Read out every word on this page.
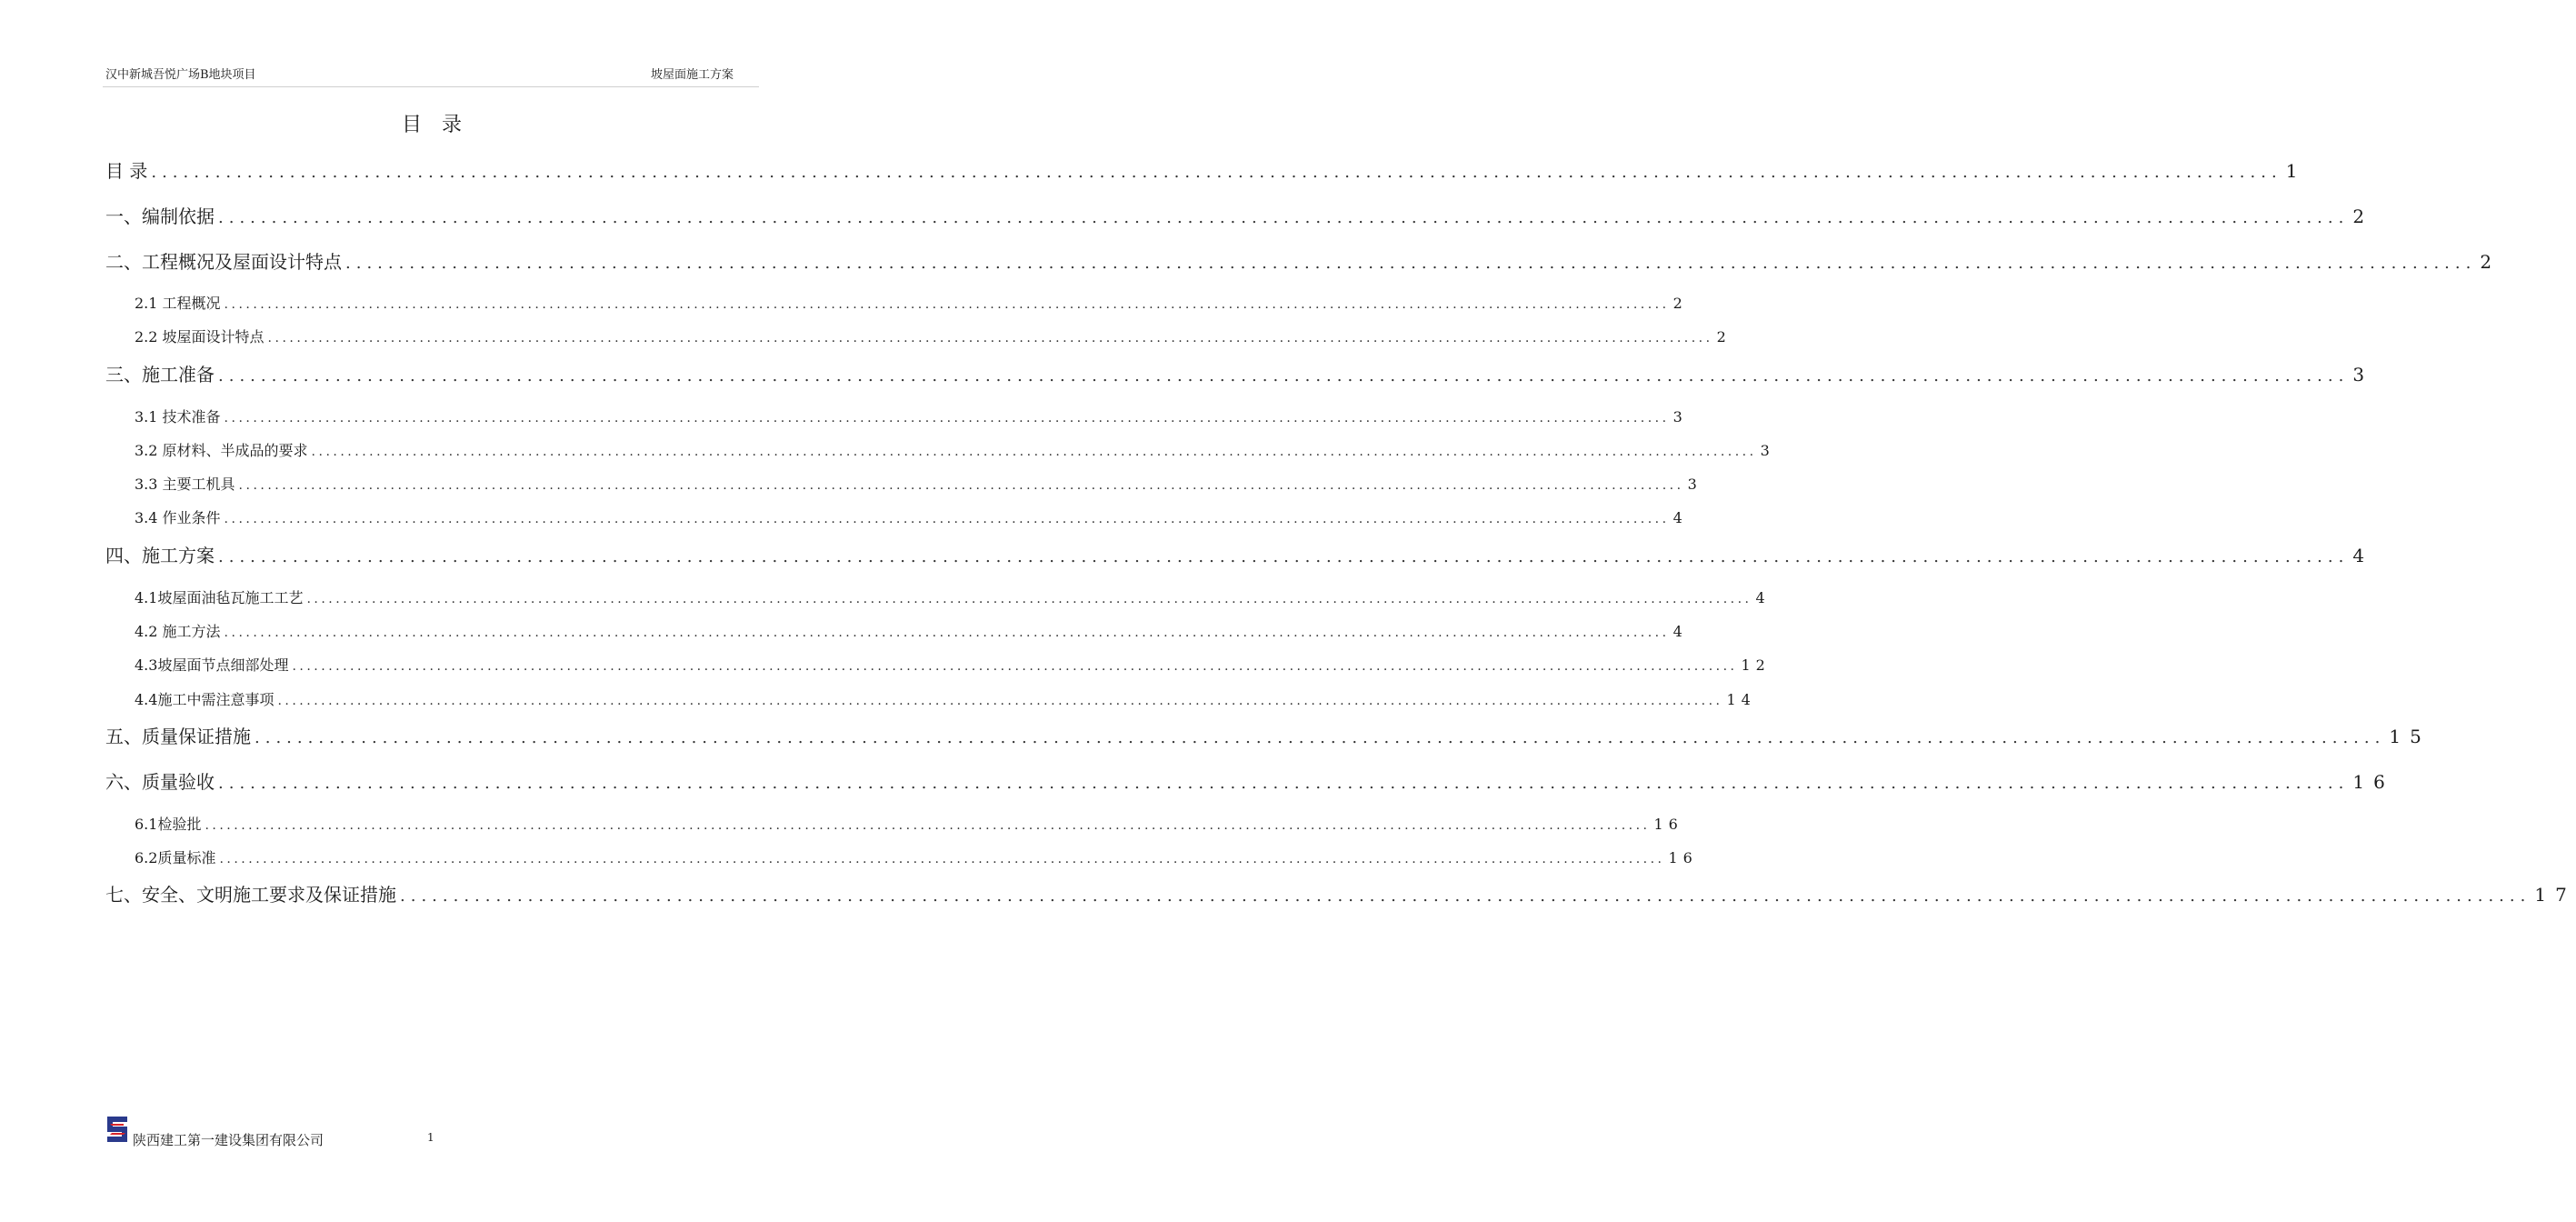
汉中新城吾悦广场B地块项目	坡屋面施工方案
目录
目 录 ........................................................................................................................................................................................................ 1
一、编制依据 ........................................................................................................................................................................................................ 2
二、工程概况及屋面设计特点 ........................................................................................................................................................................................................ 2
2.1 工程概况 ........................................................................................................................................................................................................ 2
2.2 坡屋面设计特点 ........................................................................................................................................................................................................ 2
三、施工准备 ........................................................................................................................................................................................................ 3
3.1 技术准备 ........................................................................................................................................................................................................ 3
3.2 原材料、半成品的要求 ........................................................................................................................................................................................................ 3
3.3 主要工机具 ........................................................................................................................................................................................................ 3
3.4 作业条件 ........................................................................................................................................................................................................ 4
四、施工方案 ........................................................................................................................................................................................................ 4
4.1坡屋面油毡瓦施工工艺 ........................................................................................................................................................................................................ 4
4.2 施工方法 ........................................................................................................................................................................................................ 4
4.3坡屋面节点细部处理 ........................................................................................................................................................................................................ 12
4.4施工中需注意事项 ........................................................................................................................................................................................................ 14
五、质量保证措施 ........................................................................................................................................................................................................ 15
六、质量验收 ........................................................................................................................................................................................................ 16
6.1检验批 ........................................................................................................................................................................................................ 16
6.2质量标准 ........................................................................................................................................................................................................ 16
七、安全、文明施工要求及保证措施 ........................................................................................................................................................................................................ 17
陕西建工第一建设集团有限公司	1
